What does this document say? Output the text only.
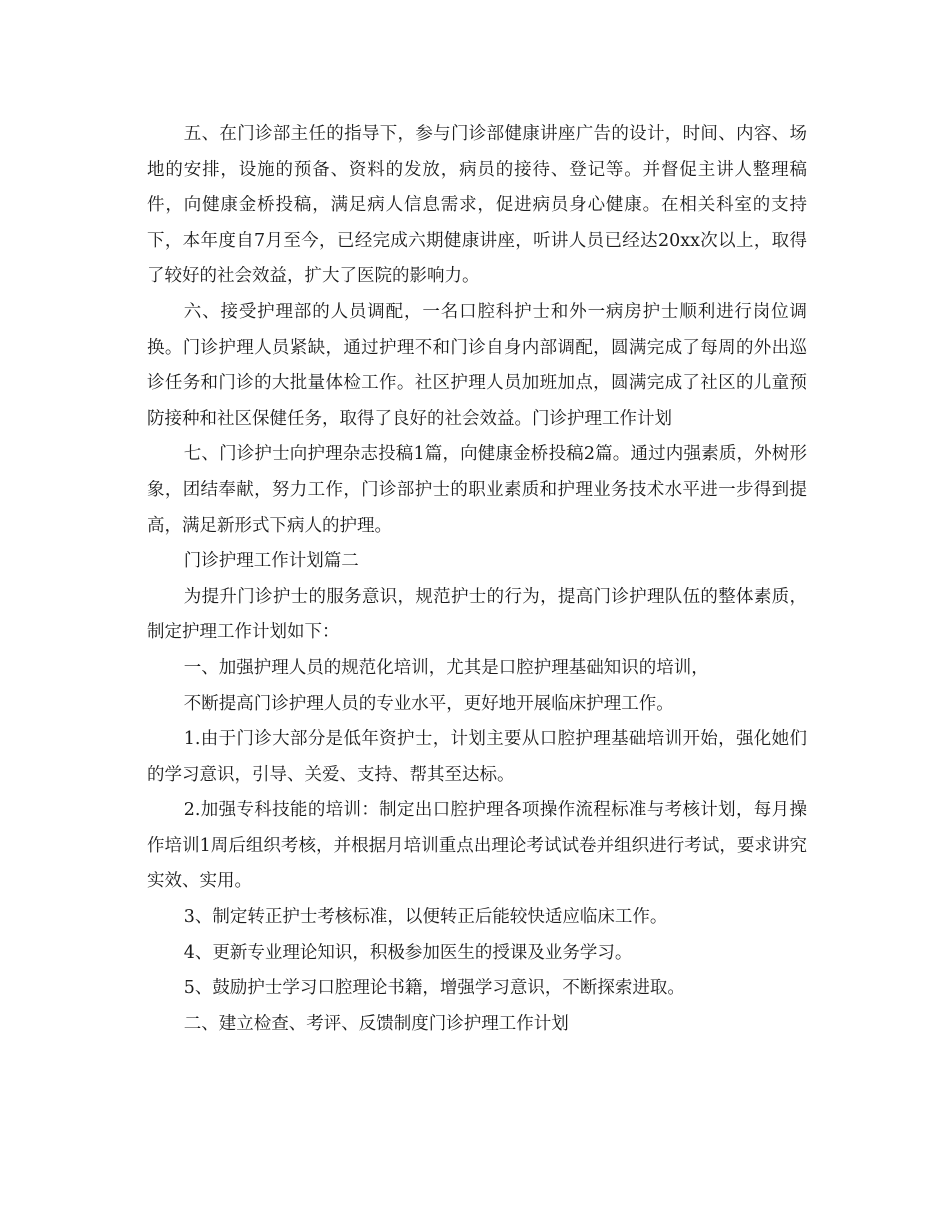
五、在门诊部主任的指导下，参与门诊部健康讲座广告的设计，时间、内容、场地的安排，设施的预备、资料的发放，病员的接待、登记等。并督促主讲人整理稿件，向健康金桥投稿，满足病人信息需求，促进病员身心健康。在相关科室的支持下，本年度自7月至今，已经完成六期健康讲座，听讲人员已经达20xx次以上，取得了较好的社会效益，扩大了医院的影响力。

六、接受护理部的人员调配，一名口腔科护士和外一病房护士顺利进行岗位调换。门诊护理人员紧缺，通过护理不和门诊自身内部调配，圆满完成了每周的外出巡诊任务和门诊的大批量体检工作。社区护理人员加班加点，圆满完成了社区的儿童预防接种和社区保健任务，取得了良好的社会效益。门诊护理工作计划

七、门诊护士向护理杂志投稿1篇，向健康金桥投稿2篇。通过内强素质，外树形象，团结奉献，努力工作，门诊部护士的职业素质和护理业务技术水平进一步得到提高，满足新形式下病人的护理。

门诊护理工作计划篇二

为提升门诊护士的服务意识，规范护士的行为，提高门诊护理队伍的整体素质，制定护理工作计划如下：

一、加强护理人员的规范化培训，尤其是口腔护理基础知识的培训，

不断提高门诊护理人员的专业水平，更好地开展临床护理工作。

1.由于门诊大部分是低年资护士，计划主要从口腔护理基础培训开始，强化她们的学习意识，引导、关爱、支持、帮其至达标。

2.加强专科技能的培训：制定出口腔护理各项操作流程标准与考核计划，每月操作培训1周后组织考核，并根据月培训重点出理论考试试卷并组织进行考试，要求讲究实效、实用。

3、制定转正护士考核标准，以便转正后能较快适应临床工作。

4、更新专业理论知识，积极参加医生的授课及业务学习。

5、鼓励护士学习口腔理论书籍，增强学习意识，不断探索进取。

二、建立检查、考评、反馈制度门诊护理工作计划
